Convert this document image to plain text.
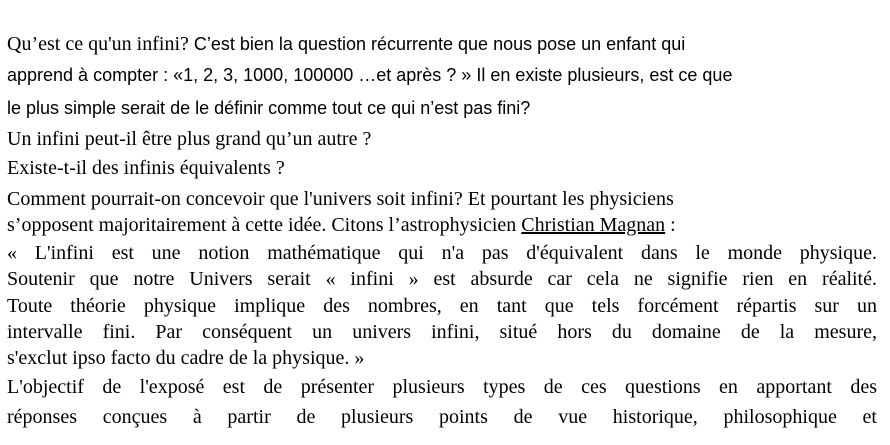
Qu’est ce qu'un infini? C’est bien la question récurrente que nous pose un enfant qui
apprend à compter : «1, 2, 3, 1000, 100000 …et après ? » Il en existe plusieurs, est ce que
le plus simple serait de le définir comme tout ce qui n’est pas fini?
Un infini peut-il être plus grand qu’un autre ?
Existe-t-il des infinis équivalents ?
Comment pourrait-on concevoir que l'univers soit infini? Et pourtant les physiciens
s’opposent majoritairement à cette idée. Citons l’astrophysicien Christian Magnan :
« L'infini est une notion mathématique qui n'a pas d'équivalent dans le monde physique.
Soutenir que notre Univers serait « infini » est absurde car cela ne signifie rien en réalité.
Toute théorie physique implique des nombres, en tant que tels forcément répartis sur un
intervalle fini. Par conséquent un univers infini, situé hors du domaine de la mesure,
s'exclut ipso facto du cadre de la physique. »
L'objectif de l'exposé est de présenter plusieurs types de ces questions en apportant des
réponses conçues à partir de plusieurs points de vue historique, philosophique et
